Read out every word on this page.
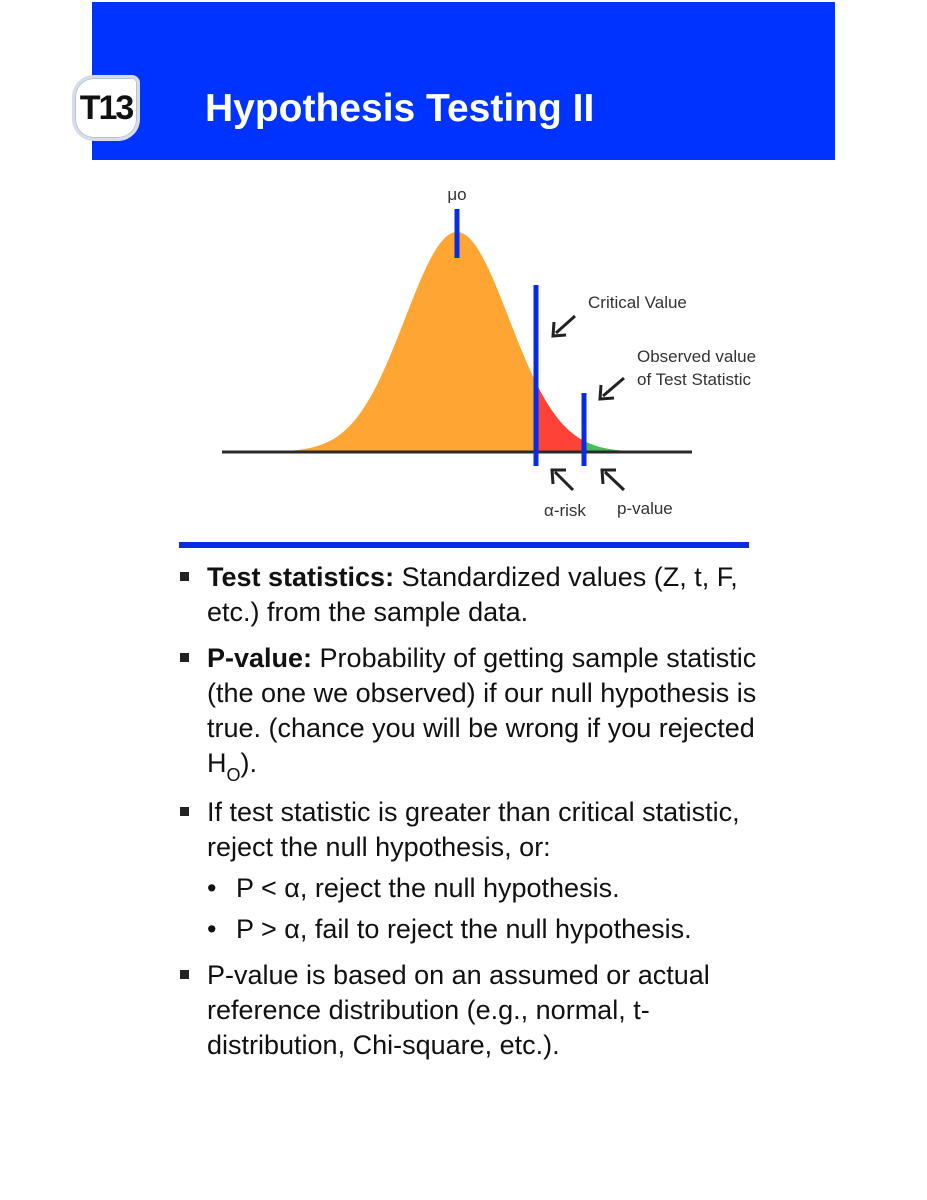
T13 Hypothesis Testing II
μo
Critical Value
Observed value
of Test Statistic
α-risk p-value
Test statistics: Standardized values (Z, t, F, etc.) from the sample data.
P-value: Probability of getting sample statistic (the one we observed) if our null hypothesis is true. (chance you will be wrong if you rejected $H_O$).
If test statistic is greater than critical statistic, reject the null hypothesis, or:
• P < α, reject the null hypothesis.
• P > α, fail to reject the null hypothesis.
P-value is based on an assumed or actual reference distribution (e.g., normal, t-distribution, Chi-square, etc.).
